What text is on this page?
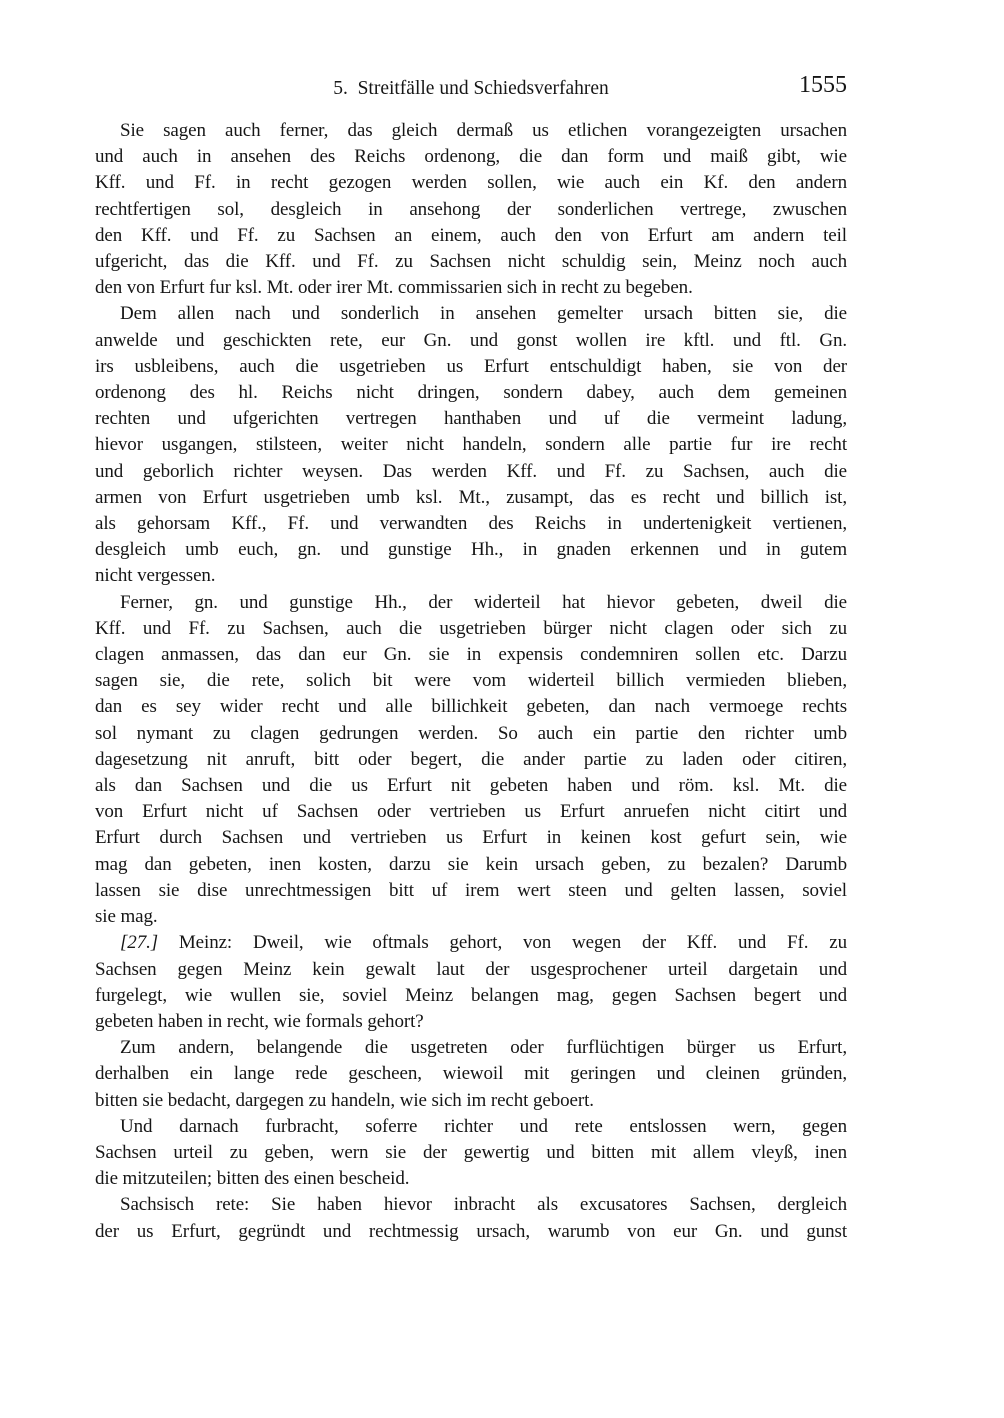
5.  Streitfälle und Schiedsverfahren	1555

Sie sagen auch ferner, das gleich dermaß us etlichen vorangezeigten ursachen
und auch in ansehen des Reichs ordenong, die dan form und maiß gibt, wie
Kff. und Ff. in recht gezogen werden sollen, wie auch ein Kf. den andern
rechtfertigen sol, desgleich in ansehong der sonderlichen vertrege, zwuschen
den Kff. und Ff. zu Sachsen an einem, auch den von Erfurt am andern teil
ufgericht, das die Kff. und Ff. zu Sachsen nicht schuldig sein, Meinz noch auch
den von Erfurt fur ksl. Mt. oder irer Mt. commissarien sich in recht zu begeben.

Dem allen nach und sonderlich in ansehen gemelter ursach bitten sie, die
anwelde und geschickten rete, eur Gn. und gonst wollen ire kftl. und ftl. Gn.
irs usbleibens, auch die usgetrieben us Erfurt entschuldigt haben, sie von der
ordenong des hl. Reichs nicht dringen, sondern dabey, auch dem gemeinen
rechten und ufgerichten vertregen hanthaben und uf die vermeint ladung,
hievor usgangen, stilsteen, weiter nicht handeln, sondern alle partie fur ire recht
und geborlich richter weysen. Das werden Kff. und Ff. zu Sachsen, auch die
armen von Erfurt usgetrieben umb ksl. Mt., zusampt, das es recht und billich ist,
als gehorsam Kff., Ff. und verwandten des Reichs in undertenigkeit vertienen,
desgleich umb euch, gn. und gunstige Hh., in gnaden erkennen und in gutem
nicht vergessen.

Ferner, gn. und gunstige Hh., der widerteil hat hievor gebeten, dweil die
Kff. und Ff. zu Sachsen, auch die usgetrieben bürger nicht clagen oder sich zu
clagen anmassen, das dan eur Gn. sie in expensis condemniren sollen etc. Darzu
sagen sie, die rete, solich bit were vom widerteil billich vermieden blieben,
dan es sey wider recht und alle billichkeit gebeten, dan nach vermoege rechts
sol nymant zu clagen gedrungen werden. So auch ein partie den richter umb
dagesetzung nit anruft, bitt oder begert, die ander partie zu laden oder citiren,
als dan Sachsen und die us Erfurt nit gebeten haben und röm. ksl. Mt. die
von Erfurt nicht uf Sachsen oder vertrieben us Erfurt anruefen nicht citirt und
Erfurt durch Sachsen und vertrieben us Erfurt in keinen kost gefurt sein, wie
mag dan gebeten, inen kosten, darzu sie kein ursach geben, zu bezalen? Darumb
lassen sie dise unrechtmessigen bitt uf irem wert steen und gelten lassen, soviel
sie mag.

[27.] Meinz: Dweil, wie oftmals gehort, von wegen der Kff. und Ff. zu
Sachsen gegen Meinz kein gewalt laut der usgesprochener urteil dargetain und
furgelegt, wie wullen sie, soviel Meinz belangen mag, gegen Sachsen begert und
gebeten haben in recht, wie formals gehort?

Zum andern, belangende die usgetreten oder furflüchtigen bürger us Erfurt,
derhalben ein lange rede gescheen, wiewoil mit geringen und cleinen gründen,
bitten sie bedacht, dargegen zu handeln, wie sich im recht geboert.

Und darnach furbracht, soferre richter und rete entslossen wern, gegen
Sachsen urteil zu geben, wern sie der gewertig und bitten mit allem vleyß, inen
die mitzuteilen; bitten des einen bescheid.

Sachsisch rete: Sie haben hievor inbracht als excusatores Sachsen, dergleich
der us Erfurt, gegründt und rechtmessig ursach, warumb von eur Gn. und gunst
